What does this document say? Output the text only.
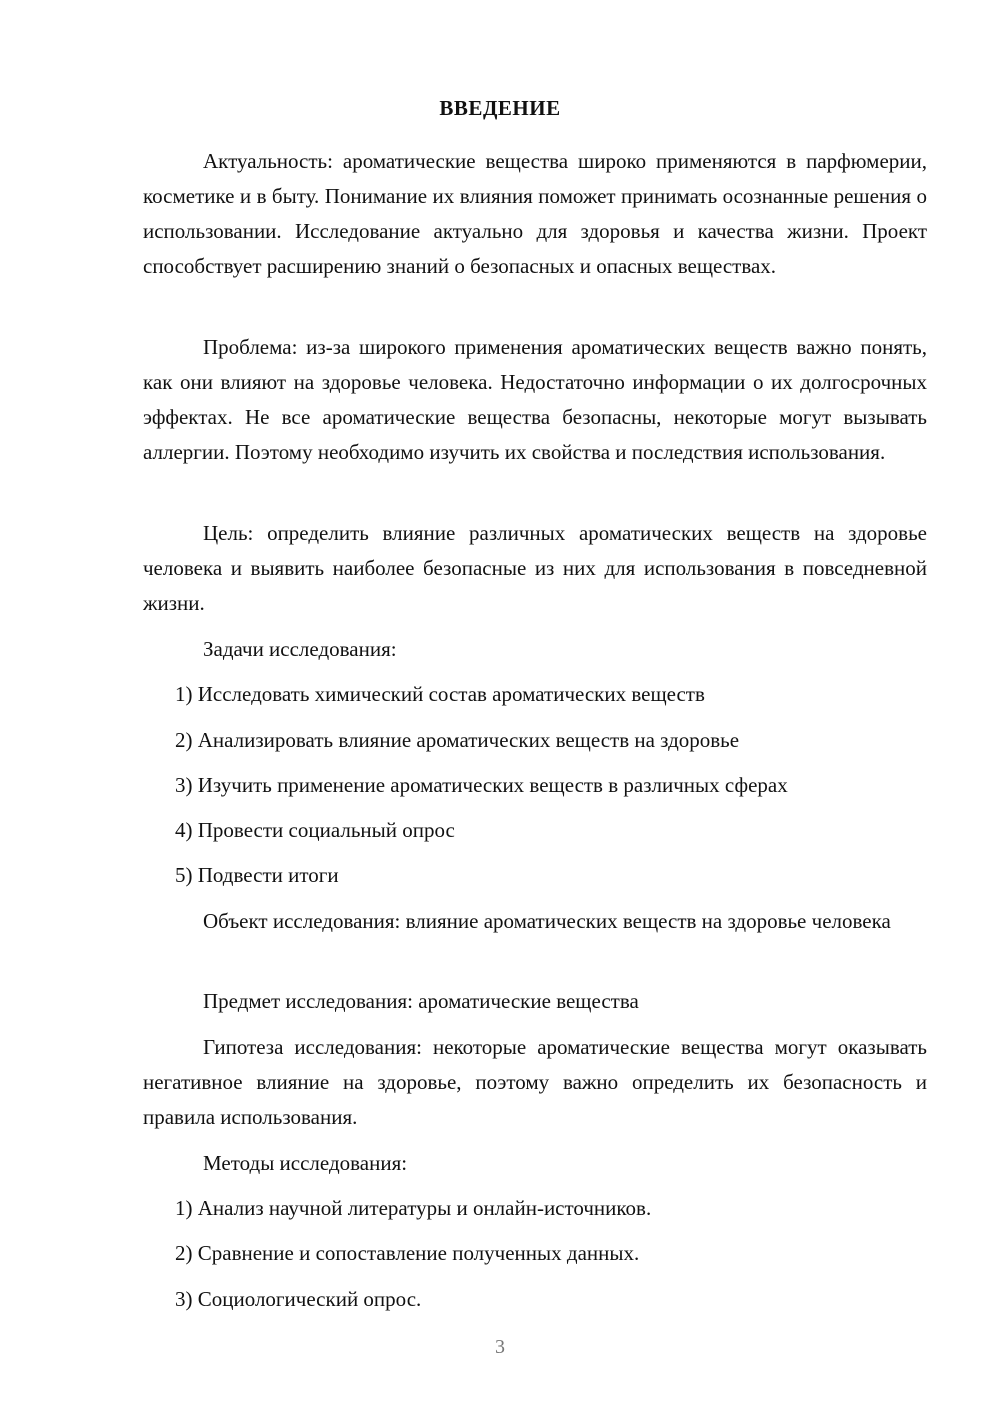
ВВЕДЕНИЕ

Актуальность: ароматические вещества широко применяются в парфюмерии, косметике и в быту. Понимание их влияния поможет принимать осознанные решения о использовании. Исследование актуально для здоровья и качества жизни. Проект способствует расширению знаний о безопасных и опасных веществах.

Проблема: из-за широкого применения ароматических веществ важно понять, как они влияют на здоровье человека. Недостаточно информации о их долгосрочных эффектах. Не все ароматические вещества безопасны, некоторые могут вызывать аллергии. Поэтому необходимо изучить их свойства и последствия использования.

Цель: определить влияние различных ароматических веществ на здоровье человека и выявить наиболее безопасные из них для использования в повседневной жизни.

Задачи исследования:

1) Исследовать химический состав ароматических веществ

2) Анализировать влияние ароматических веществ на здоровье

3) Изучить применение ароматических веществ в различных сферах

4) Провести социальный опрос

5) Подвести итоги

Объект исследования: влияние ароматических веществ на здоровье человека

Предмет исследования: ароматические вещества

Гипотеза исследования: некоторые ароматические вещества могут оказывать негативное влияние на здоровье, поэтому важно определить их безопасность и правила использования.

Методы исследования:

1) Анализ научной литературы и онлайн-источников.

2) Сравнение и сопоставление полученных данных.

3) Социологический опрос.

3
